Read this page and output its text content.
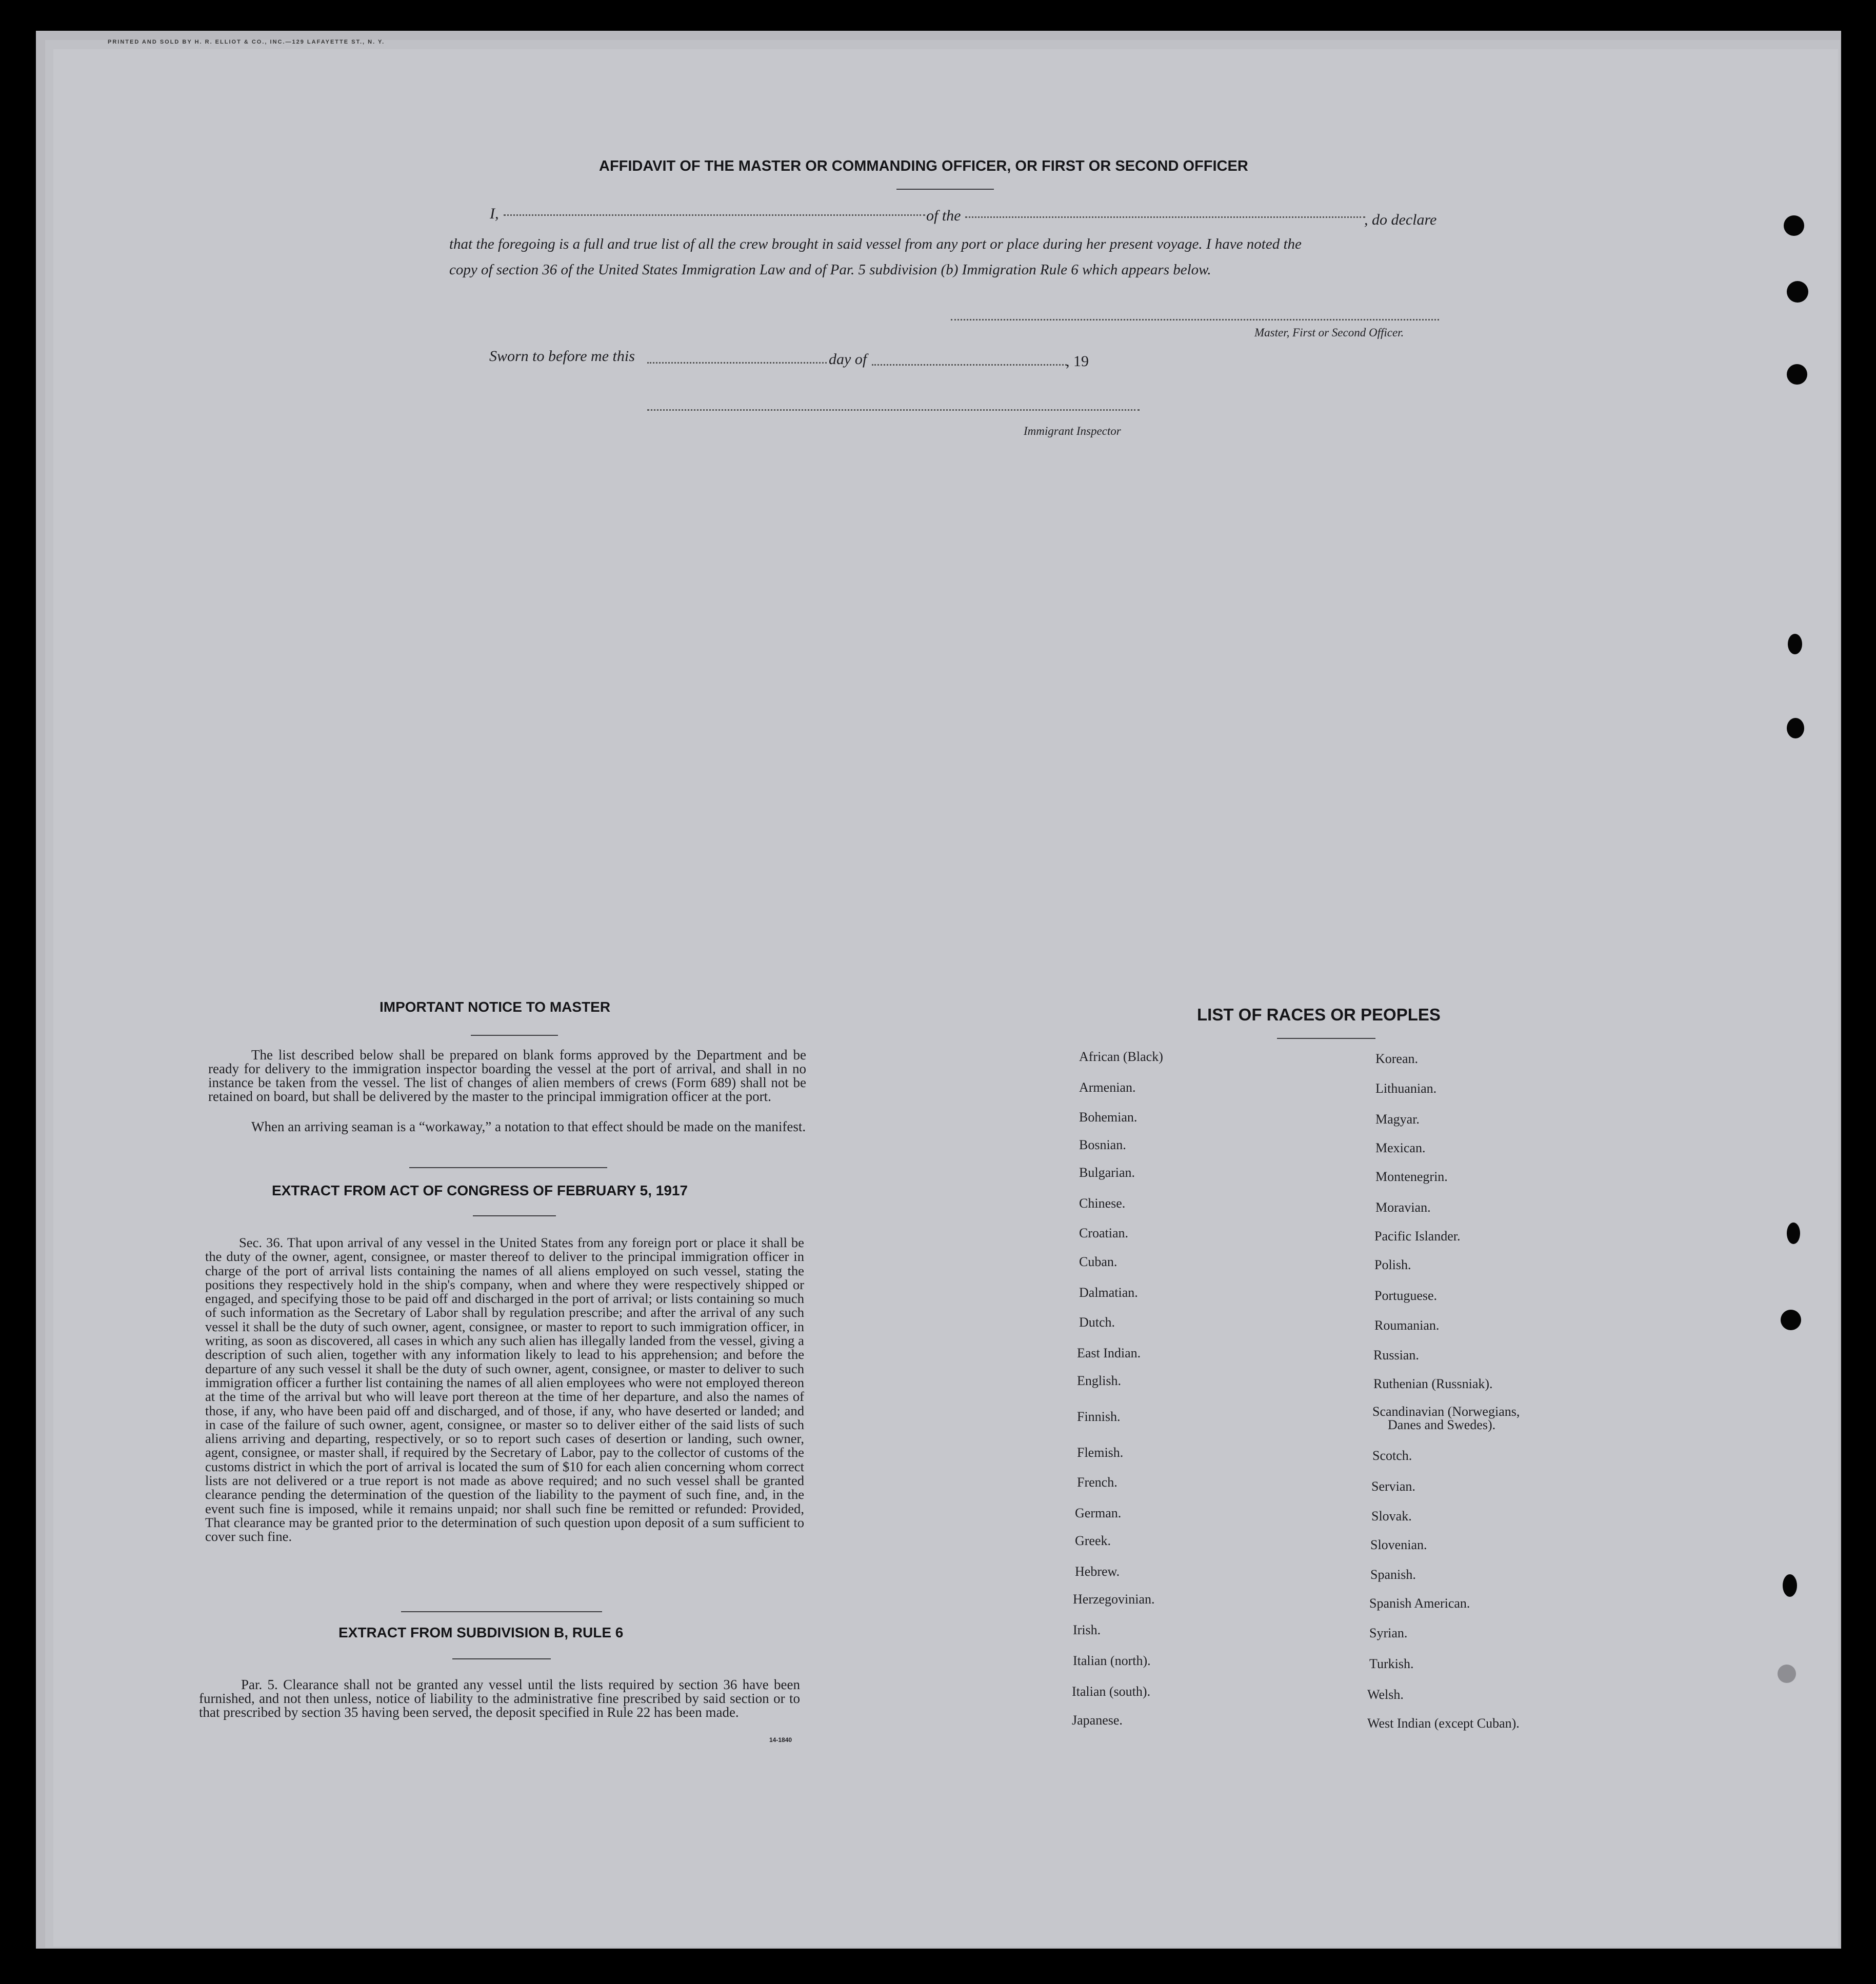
PRINTED AND SOLD BY H. R. ELLIOT & CO., INC.—129 LAFAYETTE ST., N. Y.
AFFIDAVIT OF THE MASTER OR COMMANDING OFFICER, OR FIRST OR SECOND OFFICER
I,	of the	, do declare
that the foregoing is a full and true list of all the crew brought in said vessel from any port or place during her present voyage. I have noted the
copy of section 36 of the United States Immigration Law and of Par. 5 subdivision (b) Immigration Rule 6 which appears below.
Master, First or Second Officer.
Sworn to before me this	day of	, 19
Immigrant Inspector
IMPORTANT NOTICE TO MASTER
The list described below shall be prepared on blank forms approved by the Department and be ready for delivery to the immigration inspector boarding the vessel at the port of arrival, and shall in no instance be taken from the vessel. The list of changes of alien members of crews (Form 689) shall not be retained on board, but shall be delivered by the master to the principal immigration officer at the port.
When an arriving seaman is a “workaway,” a notation to that effect should be made on the manifest.
EXTRACT FROM ACT OF CONGRESS OF FEBRUARY 5, 1917
Sec. 36. That upon arrival of any vessel in the United States from any foreign port or place it shall be the duty of the owner, agent, consignee, or master thereof to deliver to the principal immigration officer in charge of the port of arrival lists containing the names of all aliens employed on such vessel, stating the positions they respectively hold in the ship's company, when and where they were respectively shipped or engaged, and specifying those to be paid off and discharged in the port of arrival; or lists containing so much of such information as the Secretary of Labor shall by regulation prescribe; and after the arrival of any such vessel it shall be the duty of such owner, agent, consignee, or master to report to such immigration officer, in writing, as soon as discovered, all cases in which any such alien has illegally landed from the vessel, giving a description of such alien, together with any information likely to lead to his apprehension; and before the departure of any such vessel it shall be the duty of such owner, agent, consignee, or master to deliver to such immigration officer a further list containing the names of all alien employees who were not employed thereon at the time of the arrival but who will leave port thereon at the time of her departure, and also the names of those, if any, who have been paid off and discharged, and of those, if any, who have deserted or landed; and in case of the failure of such owner, agent, consignee, or master so to deliver either of the said lists of such aliens arriving and departing, respectively, or so to report such cases of desertion or landing, such owner, agent, consignee, or master shall, if required by the Secretary of Labor, pay to the collector of customs of the customs district in which the port of arrival is located the sum of $10 for each alien concerning whom correct lists are not delivered or a true report is not made as above required; and no such vessel shall be granted clearance pending the determination of the question of the liability to the payment of such fine, and, in the event such fine is imposed, while it remains unpaid; nor shall such fine be remitted or refunded: Provided, That clearance may be granted prior to the determination of such question upon deposit of a sum sufficient to cover such fine.
EXTRACT FROM SUBDIVISION B, RULE 6
Par. 5. Clearance shall not be granted any vessel until the lists required by section 36 have been furnished, and not then unless, notice of liability to the administrative fine prescribed by said section or to that prescribed by section 35 having been served, the deposit specified in Rule 22 has been made.
14-1840
LIST OF RACES OR PEOPLES
African (Black)
Armenian.
Bohemian.
Bosnian.
Bulgarian.
Chinese.
Croatian.
Cuban.
Dalmatian.
Dutch.
East Indian.
English.
Finnish.
Flemish.
French.
German.
Greek.
Hebrew.
Herzegovinian.
Irish.
Italian (north).
Italian (south).
Japanese.
Korean.
Lithuanian.
Magyar.
Mexican.
Montenegrin.
Moravian.
Pacific Islander.
Polish.
Portuguese.
Roumanian.
Russian.
Ruthenian (Russniak).
Scandinavian (Norwegians,
Danes and Swedes).
Scotch.
Servian.
Slovak.
Slovenian.
Spanish.
Spanish American.
Syrian.
Turkish.
Welsh.
West Indian (except Cuban).
